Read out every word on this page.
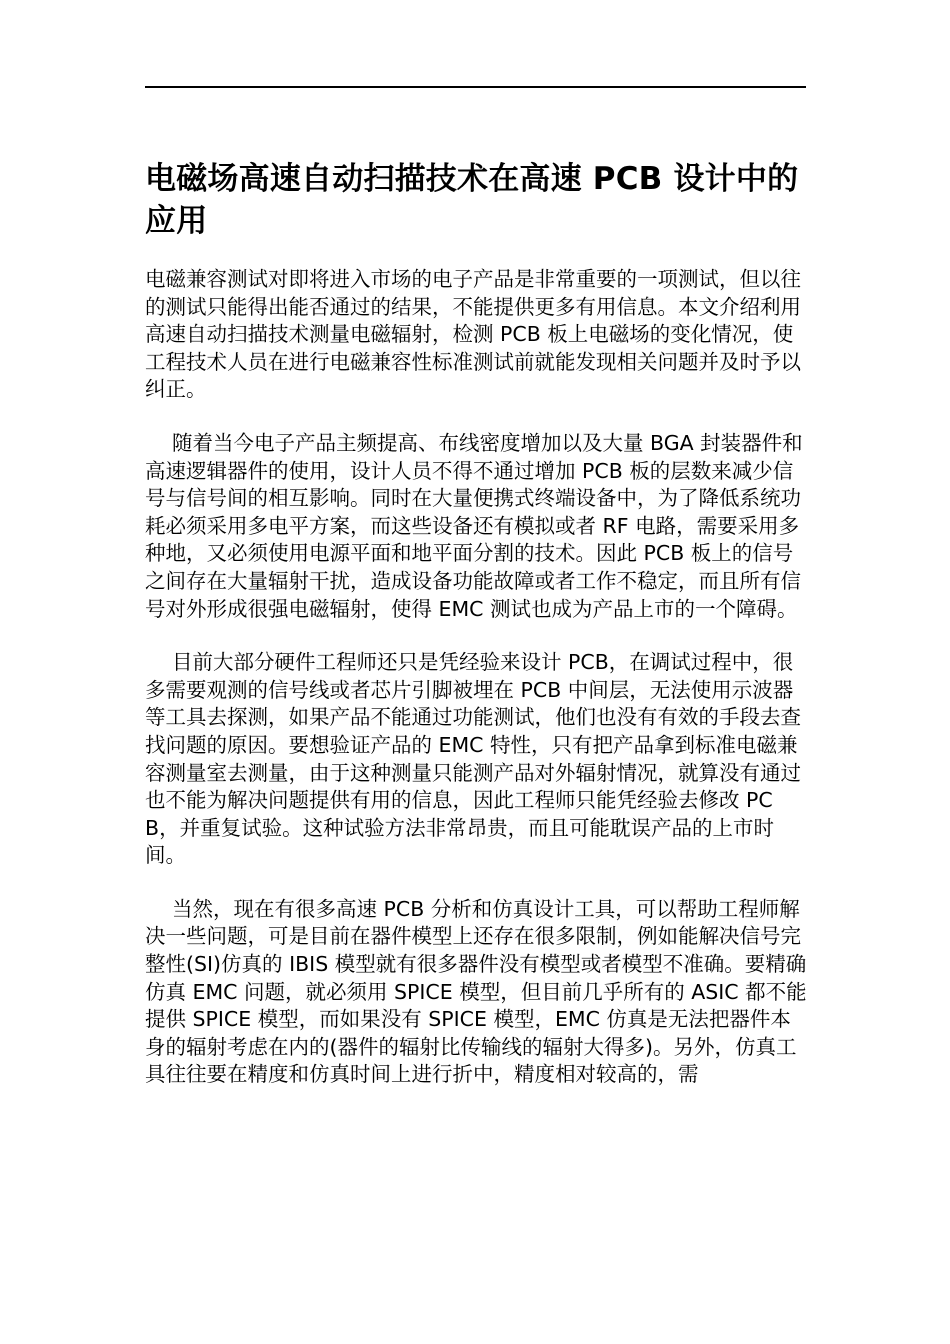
电磁场高速自动扫描技术在高速 PCB 设计中的应用

电磁兼容测试对即将进入市场的电子产品是非常重要的一项测试，但以往的测试只能得出能否通过的结果，不能提供更多有用信息。本文介绍利用高速自动扫描技术测量电磁辐射，检测 PCB 板上电磁场的变化情况，使工程技术人员在进行电磁兼容性标准测试前就能发现相关问题并及时予以纠正。

随着当今电子产品主频提高、布线密度增加以及大量 BGA 封装器件和高速逻辑器件的使用，设计人员不得不通过增加 PCB 板的层数来减少信号与信号间的相互影响。同时在大量便携式终端设备中，为了降低系统功耗必须采用多电平方案，而这些设备还有模拟或者 RF 电路，需要采用多种地，又必须使用电源平面和地平面分割的技术。因此 PCB 板上的信号之间存在大量辐射干扰，造成设备功能故障或者工作不稳定，而且所有信号对外形成很强电磁辐射，使得 EMC 测试也成为产品上市的一个障碍。

目前大部分硬件工程师还只是凭经验来设计 PCB，在调试过程中，很多需要观测的信号线或者芯片引脚被埋在 PCB 中间层，无法使用示波器等工具去探测，如果产品不能通过功能测试，他们也没有有效的手段去查找问题的原因。要想验证产品的 EMC 特性，只有把产品拿到标准电磁兼容测量室去测量，由于这种测量只能测产品对外辐射情况，就算没有通过也不能为解决问题提供有用的信息，因此工程师只能凭经验去修改 PCB，并重复试验。这种试验方法非常昂贵，而且可能耽误产品的上市时间。

当然，现在有很多高速 PCB 分析和仿真设计工具，可以帮助工程师解决一些问题，可是目前在器件模型上还存在很多限制，例如能解决信号完整性(SI)仿真的 IBIS 模型就有很多器件没有模型或者模型不准确。要精确仿真 EMC 问题，就必须用 SPICE 模型，但目前几乎所有的 ASIC 都不能提供 SPICE 模型，而如果没有 SPICE 模型，EMC 仿真是无法把器件本身的辐射考虑在内的(器件的辐射比传输线的辐射大得多)。另外，仿真工具往往要在精度和仿真时间上进行折中，精度相对较高的，需
